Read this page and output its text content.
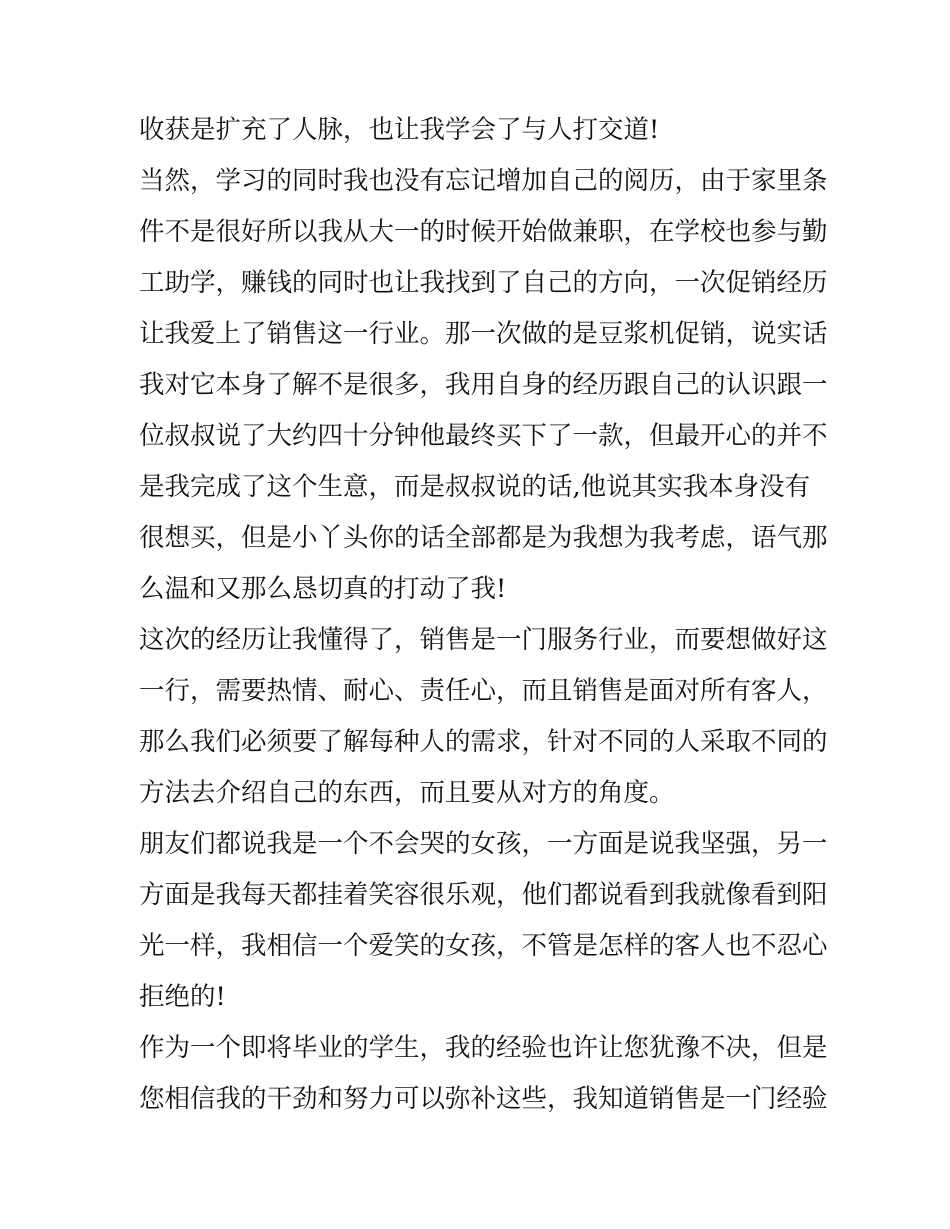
收获是扩充了人脉，也让我学会了与人打交道!
当然，学习的同时我也没有忘记增加自己的阅历，由于家里条
件不是很好所以我从大一的时候开始做兼职，在学校也参与勤
工助学，赚钱的同时也让我找到了自己的方向，一次促销经历
让我爱上了销售这一行业。那一次做的是豆浆机促销，说实话
我对它本身了解不是很多，我用自身的经历跟自己的认识跟一
位叔叔说了大约四十分钟他最终买下了一款，但最开心的并不
是我完成了这个生意，而是叔叔说的话,他说其实我本身没有
很想买，但是小丫头你的话全部都是为我想为我考虑，语气那
么温和又那么恳切真的打动了我!
这次的经历让我懂得了，销售是一门服务行业，而要想做好这
一行，需要热情、耐心、责任心，而且销售是面对所有客人，
那么我们必须要了解每种人的需求，针对不同的人采取不同的
方法去介绍自己的东西，而且要从对方的角度。
朋友们都说我是一个不会哭的女孩，一方面是说我坚强，另一
方面是我每天都挂着笑容很乐观，他们都说看到我就像看到阳
光一样，我相信一个爱笑的女孩，不管是怎样的客人也不忍心
拒绝的!
作为一个即将毕业的学生，我的经验也许让您犹豫不决，但是
您相信我的干劲和努力可以弥补这些，我知道销售是一门经验
